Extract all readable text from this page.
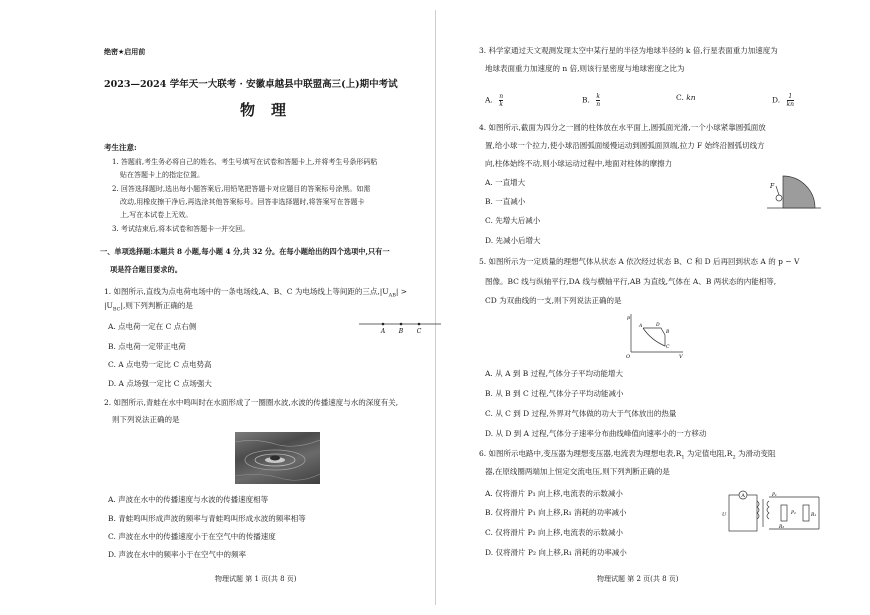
绝密★启用前
2023—2024 学年天一大联考 · 安徽卓越县中联盟高三(上)期中考试
物理
考生注意:
1. 答题前,考生务必将自己的姓名、考生号填写在试卷和答题卡上,并将考生号条形码粘
贴在答题卡上的指定位置。
2. 回答选择题时,选出每小题答案后,用铅笔把答题卡对应题目的答案标号涂黑。如需
改动,用橡皮擦干净后,再选涂其他答案标号。回答非选择题时,将答案写在答题卡
上,写在本试卷上无效。
3. 考试结束后,将本试卷和答题卡一并交回。
一、单项选择题:本题共 8 小题,每小题 4 分,共 32 分。在每小题给出的四个选项中,只有一
项是符合题目要求的。
1. 如图所示,直线为点电荷电场中的一条电场线,A、B、C 为电场线上等间距的三点$,|U_{AB}|$ >
$|U_{BC}|$,则下列判断正确的是
A B C
A. 点电荷一定在 C 点右侧
B. 点电荷一定带正电荷
C. A 点电势一定比 C 点电势高
D. A 点场强一定比 C 点场强大
2. 如图所示,青蛙在水中鸣叫时在水面形成了一圈圈水波,水波的传播速度与水的深度有关,
则下列说法正确的是
A. 声波在水中的传播速度与水波的传播速度相等
B. 青蛙鸣叫形成声波的频率与青蛙鸣叫形成水波的频率相等
C. 声波在水中的传播速度小于在空气中的传播速度
D. 声波在水中的频率小于在空气中的频率
物理试题 第 1 页(共 8 页)
3. 科学家通过天文观测发现太空中某行星的半径为地球半径的 k 倍,行星表面重力加速度为
地球表面重力加速度的 n 倍,则该行星密度与地球密度之比为
A. $\frac{n}{k}$	B. $\frac{k}{n}$	C. kn	D. $\frac{1}{kn}$
4. 如图所示,截面为四分之一圆的柱体放在水平面上,圆弧面光滑,一个小球紧靠圆弧面放
置,给小球一个拉力,使小球沿圆弧面缓慢运动到圆弧面顶端,拉力 F 始终沿圆弧切线方
向,柱体始终不动,则小球运动过程中,地面对柱体的摩擦力
F
A. 一直增大
B. 一直减小
C. 先增大后减小
D. 先减小后增大
5. 如图所示为一定质量的理想气体从状态 A 依次经过状态 B、C 和 D 后再回到状态 A 的 p − V
图像。BC 线与纵轴平行,DA 线与横轴平行,AB 为直线,气体在 A、B 两状态的内能相等,
CD 为双曲线的一支,则下列说法正确的是
p
V
O
A
B
C
D
A. 从 A 到 B 过程,气体分子平均动能增大
B. 从 B 到 C 过程,气体分子平均动能减小
C. 从 C 到 D 过程,外界对气体做的功大于气体放出的热量
D. 从 D 到 A 过程,气体分子速率分布曲线峰值向速率小的一方移动
6. 如图所示电路中,变压器为理想变压器,电流表为理想电表$,R_1$ 为定值电阻$,R_2$ 为滑动变阻
器,在原线圈两端加上恒定交流电压,则下列判断正确的是
A
U
P₁
P₂	R₁
R₂
A. 仅将滑片 P₁ 向上移,电流表的示数减小
B. 仅将滑片 P₁ 向上移,R₁ 消耗的功率减小
C. 仅将滑片 P₂ 向上移,电流表的示数减小
D. 仅将滑片 P₂ 向上移,R₁ 消耗的功率减小
物理试题 第 2 页(共 8 页)
